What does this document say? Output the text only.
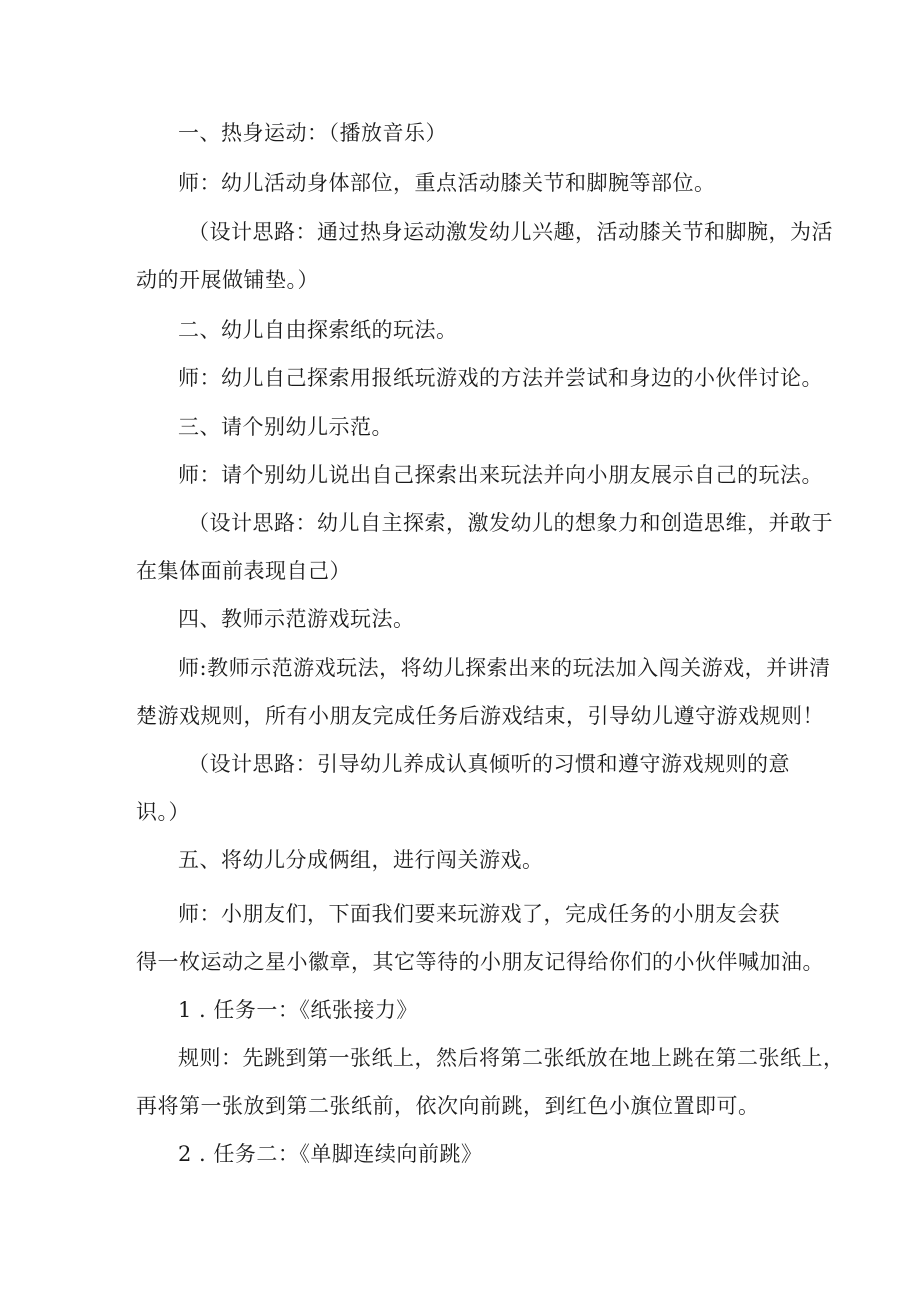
一、热身运动：（播放音乐）

师：幼儿活动身体部位，重点活动膝关节和脚腕等部位。

（设计思路：通过热身运动激发幼儿兴趣，活动膝关节和脚腕，为活

动的开展做铺垫。）

二、幼儿自由探索纸的玩法。

师：幼儿自己探索用报纸玩游戏的方法并尝试和身边的小伙伴讨论。

三、请个别幼儿示范。

师：请个别幼儿说出自己探索出来玩法并向小朋友展示自己的玩法。

（设计思路：幼儿自主探索，激发幼儿的想象力和创造思维，并敢于

在集体面前表现自己）

四、教师示范游戏玩法。

师:教师示范游戏玩法，将幼儿探索出来的玩法加入闯关游戏，并讲清

楚游戏规则，所有小朋友完成任务后游戏结束，引导幼儿遵守游戏规则！

（设计思路：引导幼儿养成认真倾听的习惯和遵守游戏规则的意

识。）

五、将幼儿分成俩组，进行闯关游戏。

师：小朋友们，下面我们要来玩游戏了，完成任务的小朋友会获

得一枚运动之星小徽章，其它等待的小朋友记得给你们的小伙伴喊加油。

1 . 任务一：《纸张接力》

规则：先跳到第一张纸上，然后将第二张纸放在地上跳在第二张纸上，

再将第一张放到第二张纸前，依次向前跳，到红色小旗位置即可。

2 . 任务二：《单脚连续向前跳》
